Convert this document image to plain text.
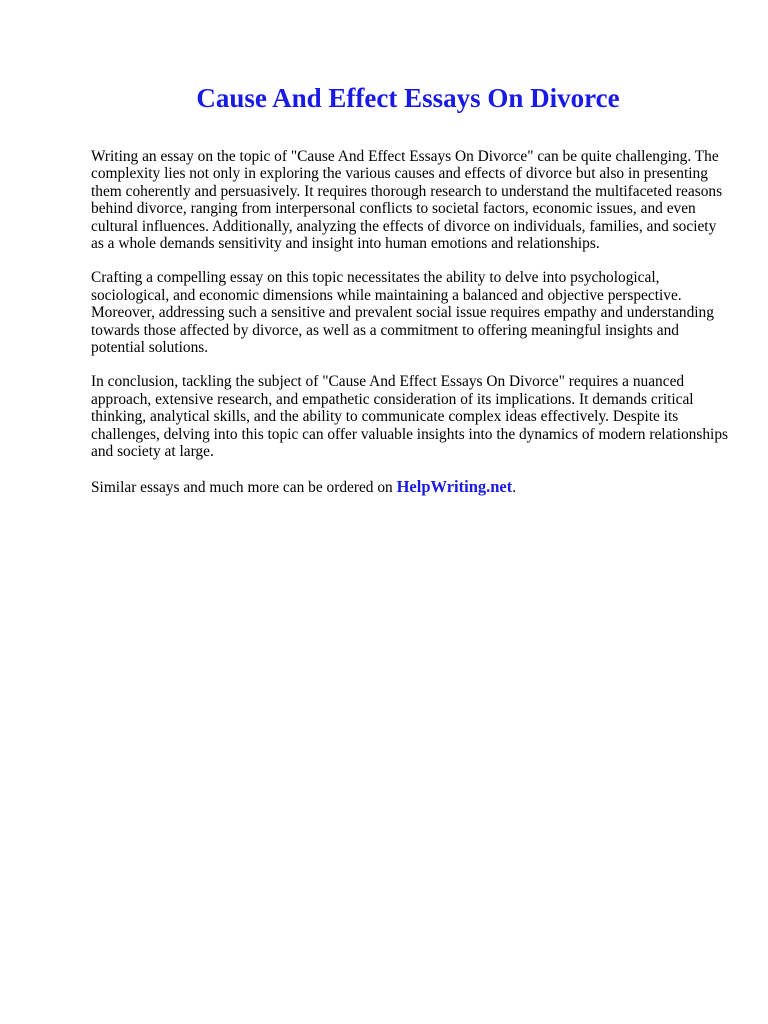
Cause And Effect Essays On Divorce

Writing an essay on the topic of "Cause And Effect Essays On Divorce" can be quite challenging. The complexity lies not only in exploring the various causes and effects of divorce but also in presenting them coherently and persuasively. It requires thorough research to understand the multifaceted reasons behind divorce, ranging from interpersonal conflicts to societal factors, economic issues, and even cultural influences. Additionally, analyzing the effects of divorce on individuals, families, and society as a whole demands sensitivity and insight into human emotions and relationships.

Crafting a compelling essay on this topic necessitates the ability to delve into psychological, sociological, and economic dimensions while maintaining a balanced and objective perspective. Moreover, addressing such a sensitive and prevalent social issue requires empathy and understanding towards those affected by divorce, as well as a commitment to offering meaningful insights and potential solutions.

In conclusion, tackling the subject of "Cause And Effect Essays On Divorce" requires a nuanced approach, extensive research, and empathetic consideration of its implications. It demands critical thinking, analytical skills, and the ability to communicate complex ideas effectively. Despite its challenges, delving into this topic can offer valuable insights into the dynamics of modern relationships and society at large.

Similar essays and much more can be ordered on HelpWriting.net.
